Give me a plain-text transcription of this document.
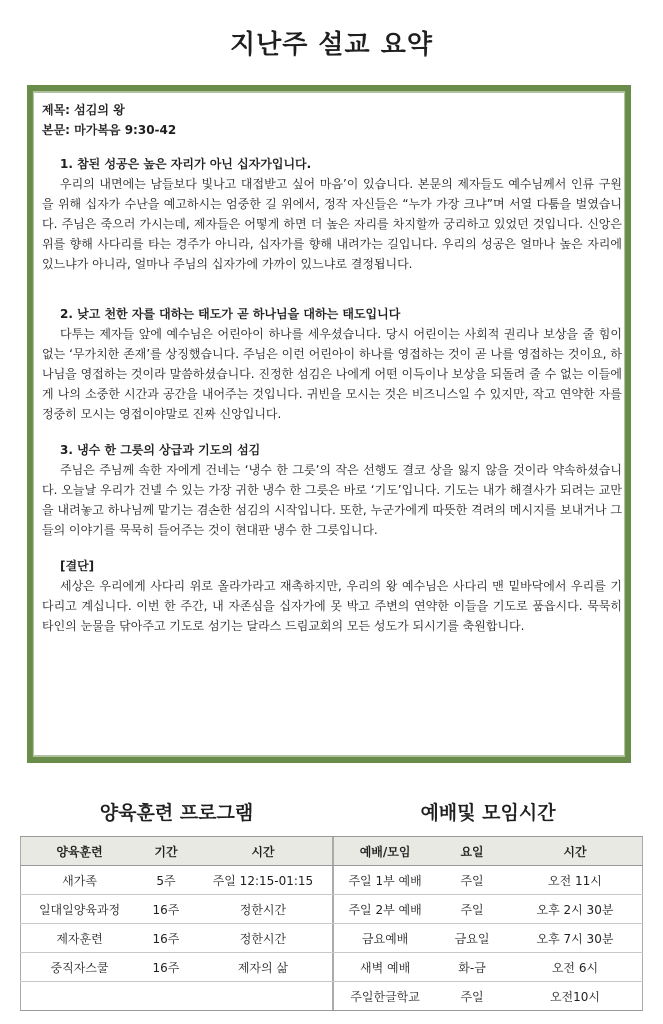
지난주 설교 요약
제목: 섬김의 왕
본문: 마가복음 9:30-42
1. 참된 성공은 높은 자리가 아닌 십자가입니다.
우리의 내면에는 남들보다 빛나고 대접받고 싶어 마음’이 있습니다. 본문의 제자들도 예수님께서 인류 구원을 위해 십자가 수난을 예고하시는 엄중한 길 위에서, 정작 자신들은 “누가 가장 크냐”며 서열 다툼을 벌였습니다. 주님은 죽으러 가시는데, 제자들은 어떻게 하면 더 높은 자리를 차지할까 궁리하고 있었던 것입니다. 신앙은 위를 향해 사다리를 타는 경주가 아니라, 십자가를 향해 내려가는 길입니다. 우리의 성공은 얼마나 높은 자리에 있느냐가 아니라, 얼마나 주님의 십자가에 가까이 있느냐로 결정됩니다.
2. 낮고 천한 자를 대하는 태도가 곧 하나님을 대하는 태도입니다
다투는 제자들 앞에 예수님은 어린아이 하나를 세우셨습니다. 당시 어린이는 사회적 권리나 보상을 줄 힘이 없는 ‘무가치한 존재’를 상징했습니다. 주님은 이런 어린아이 하나를 영접하는 것이 곧 나를 영접하는 것이요, 하나님을 영접하는 것이라 말씀하셨습니다. 진정한 섬김은 나에게 어떤 이득이나 보상을 되돌려 줄 수 없는 이들에게 나의 소중한 시간과 공간을 내어주는 것입니다. 귀빈을 모시는 것은 비즈니스일 수 있지만, 작고 연약한 자를 정중히 모시는 영접이야말로 진짜 신앙입니다.
3. 냉수 한 그릇의 상급과 기도의 섬김
주님은 주님께 속한 자에게 건네는 ‘냉수 한 그릇’의 작은 선행도 결코 상을 잃지 않을 것이라 약속하셨습니다. 오늘날 우리가 건넬 수 있는 가장 귀한 냉수 한 그릇은 바로 ‘기도’입니다. 기도는 내가 해결사가 되려는 교만을 내려놓고 하나님께 맡기는 겸손한 섬김의 시작입니다. 또한, 누군가에게 따뜻한 격려의 메시지를 보내거나 그들의 이야기를 묵묵히 들어주는 것이 현대판 냉수 한 그릇입니다.
[결단]
세상은 우리에게 사다리 위로 올라가라고 재촉하지만, 우리의 왕 예수님은 사다리 맨 밑바닥에서 우리를 기다리고 계십니다. 이번 한 주간, 내 자존심을 십자가에 못 박고 주변의 연약한 이들을 기도로 품읍시다. 묵묵히 타인의 눈물을 닦아주고 기도로 섬기는 달라스 드림교회의 모든 성도가 되시기를 축원합니다.
양육훈련 프로그램	예배및 모임시간
양육훈련	기간	시간
새가족	5주	주일 12:15-01:15
일대일양육과정	16주	정한시간
제자훈련	16주	정한시간
중직자스쿨	16주	제자의 삶

예배/모임	요일	시간
주일 1부 예배	주일	오전 11시
주일 2부 예배	주일	오후 2시 30분
금요예배	금요일	오후 7시 30분
새벽 예배	화-금	오전 6시
주일한글학교	주일	오전10시
